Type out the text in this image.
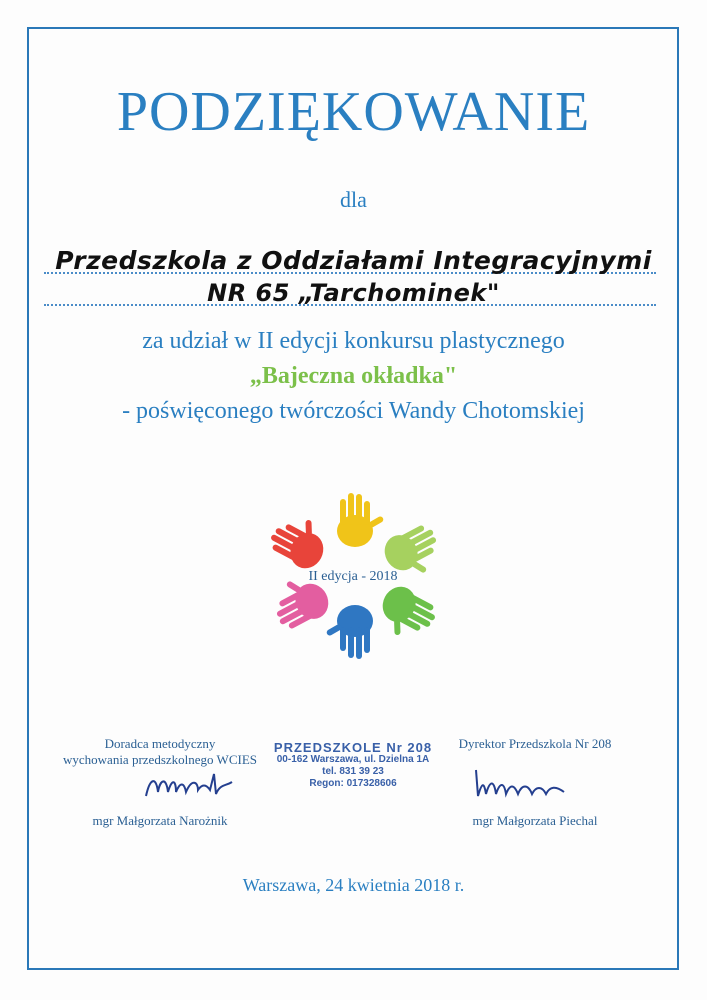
PODZIĘKOWANIE
dla
Przedszkola z Oddziałami Integracyjnymi
NR 65 „Tarchominek"
za udział w II edycji konkursu plastycznego
„Bajeczna okładka"
- poświęconego twórczości Wandy Chotomskiej
II edycja - 2018
Doradca metodyczny
wychowania przedszkolnego WCIES
mgr Małgorzata Narożnik
PRZEDSZKOLE Nr 208
00-162 Warszawa, ul. Dzielna 1A
tel. 831 39 23
Regon: 017328606
Dyrektor Przedszkola Nr 208
mgr Małgorzata Piechal
Warszawa, 24 kwietnia 2018 r.
